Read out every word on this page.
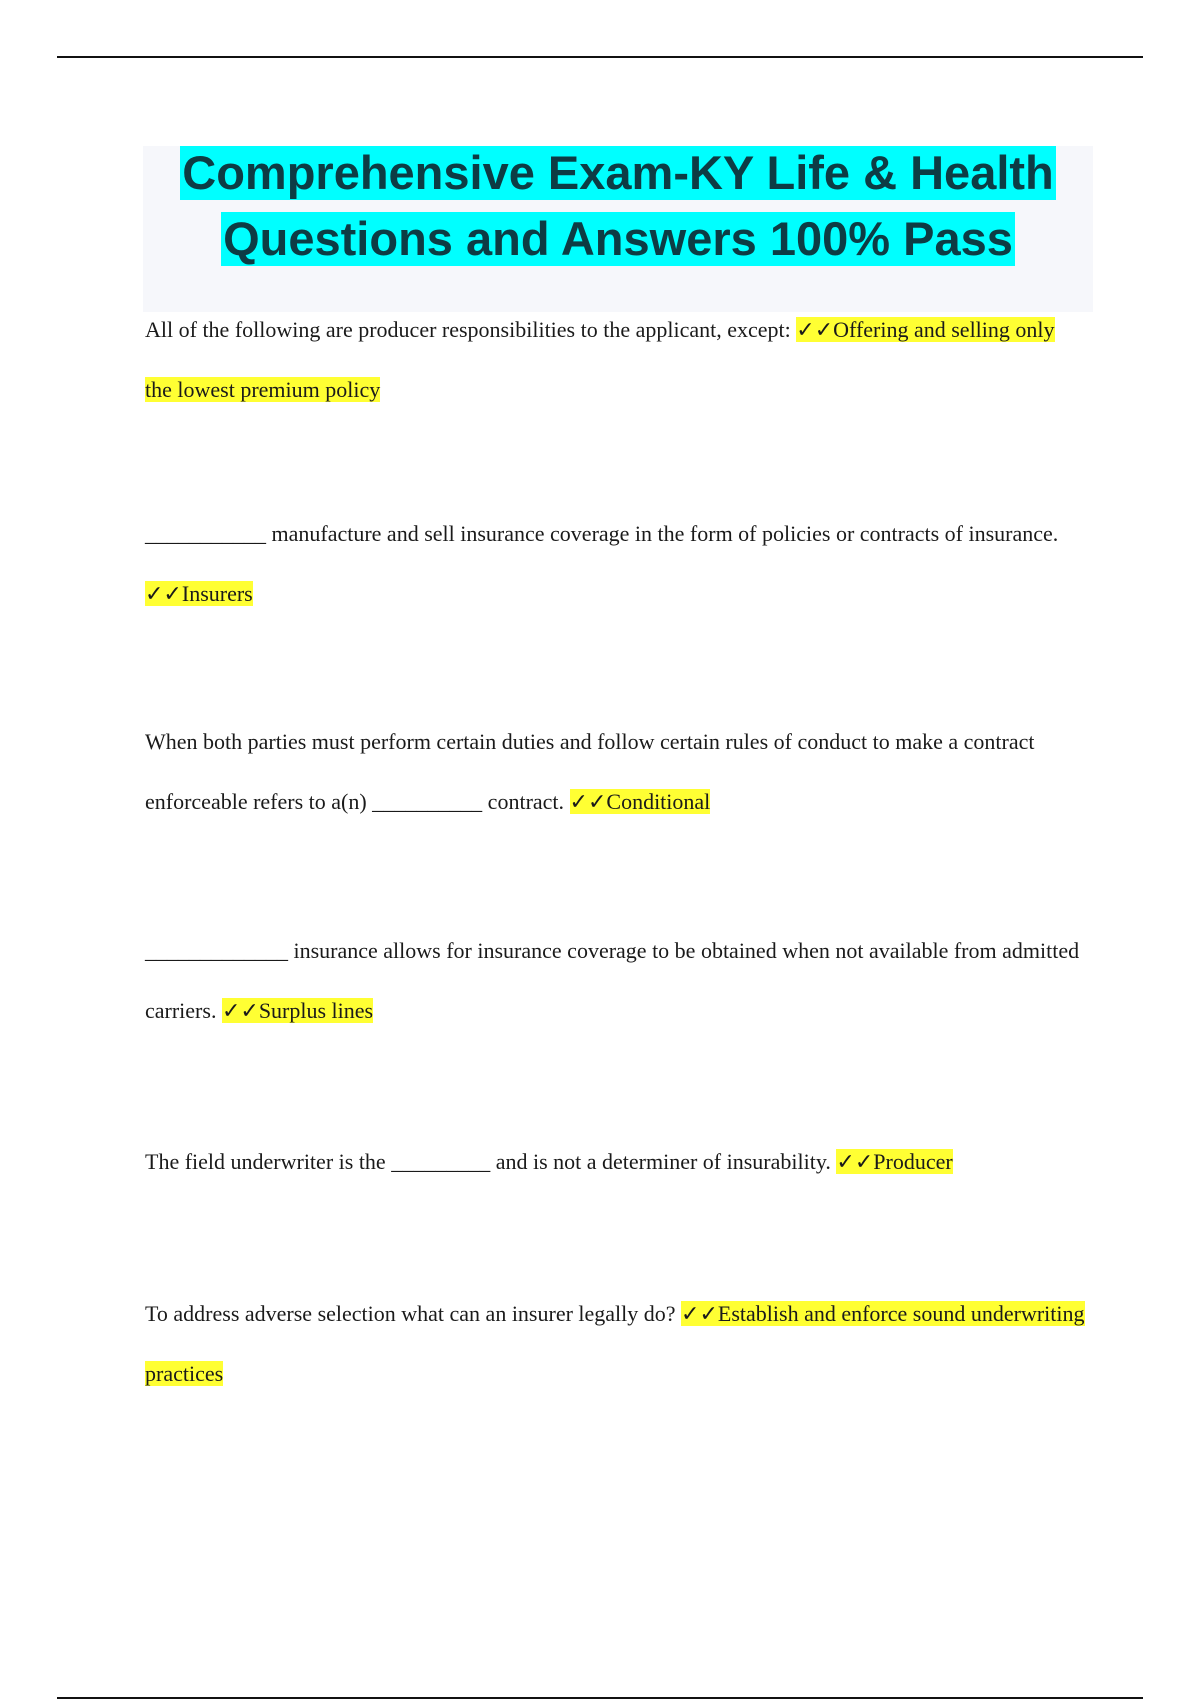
Comprehensive Exam-KY Life & Health
Questions and Answers 100% Pass
All of the following are producer responsibilities to the applicant, except: ✓✓Offering and selling only the lowest premium policy
___________ manufacture and sell insurance coverage in the form of policies or contracts of insurance. ✓✓Insurers
When both parties must perform certain duties and follow certain rules of conduct to make a contract enforceable refers to a(n) __________ contract. ✓✓Conditional
_____________ insurance allows for insurance coverage to be obtained when not available from admitted carriers. ✓✓Surplus lines
The field underwriter is the _________ and is not a determiner of insurability. ✓✓Producer
To address adverse selection what can an insurer legally do? ✓✓Establish and enforce sound underwriting practices
